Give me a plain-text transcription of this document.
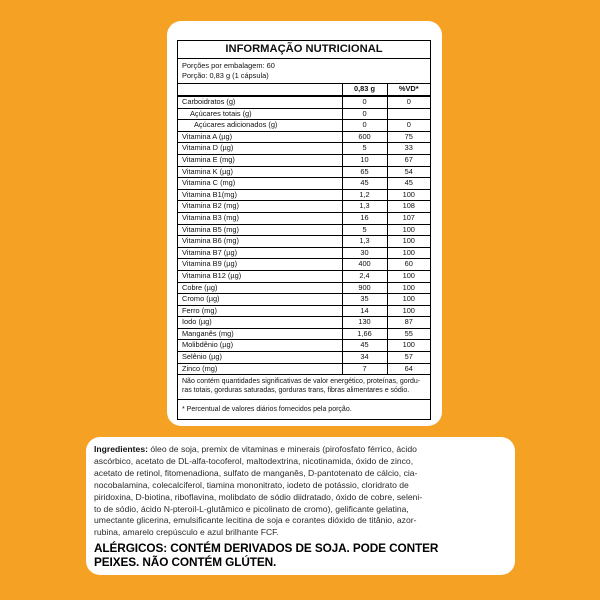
INFORMAÇÃO NUTRICIONAL
Porções por embalagem: 60
Porção: 0,83 g (1 cápsula)
	0,83 g	%VD*
Carboidratos (g)	0	0
Açúcares totais (g)	0	
Açúcares adicionados (g)	0	0
Vitamina A (µg)	600	75
Vitamina D (µg)	5	33
Vitamina E (mg)	10	67
Vitamina K (µg)	65	54
Vitamina C (mg)	45	45
Vitamina B1(mg)	1,2	100
Vitamina B2 (mg)	1,3	108
Vitamina B3 (mg)	16	107
Vitamina B5 (mg)	5	100
Vitamina B6 (mg)	1,3	100
Vitamina B7 (µg)	30	100
Vitamina B9 (µg)	400	60
Vitamina B12 (µg)	2,4	100
Cobre (µg)	900	100
Cromo (µg)	35	100
Ferro (mg)	14	100
Iodo (µg)	130	87
Manganês (mg)	1,66	55
Molibdênio (µg)	45	100
Selênio (µg)	34	57
Zinco (mg)	7	64
Não contém quantidades significativas de valor energético, proteínas, gordu-
ras totais, gorduras saturadas, gorduras trans, fibras alimentares e sódio.
* Percentual de valores diários fornecidos pela porção.
Ingredientes: óleo de soja, premix de vitaminas e minerais (pirofosfato férrico, ácido
ascórbico, acetato de DL-alfa-tocoferol, maltodextrina, nicotinamida, óxido de zinco,
acetato de retinol, fitomenadiona, sulfato de manganês, D-pantotenato de cálcio, cia-
nocobalamina, colecalciferol, tiamina mononitrato, iodeto de potássio, cloridrato de
piridoxina, D-biotina, riboflavina, molibdato de sódio diidratado, óxido de cobre, seleni-
to de sódio, ácido N-pteroil-L-glutâmico e picolinato de cromo), gelificante gelatina,
umectante glicerina, emulsificante lecitina de soja e corantes dióxido de titânio, azor-
rubina, amarelo crepúsculo e azul brilhante FCF.
ALÉRGICOS: CONTÉM DERIVADOS DE SOJA. PODE CONTER
PEIXES. NÃO CONTÉM GLÚTEN.
